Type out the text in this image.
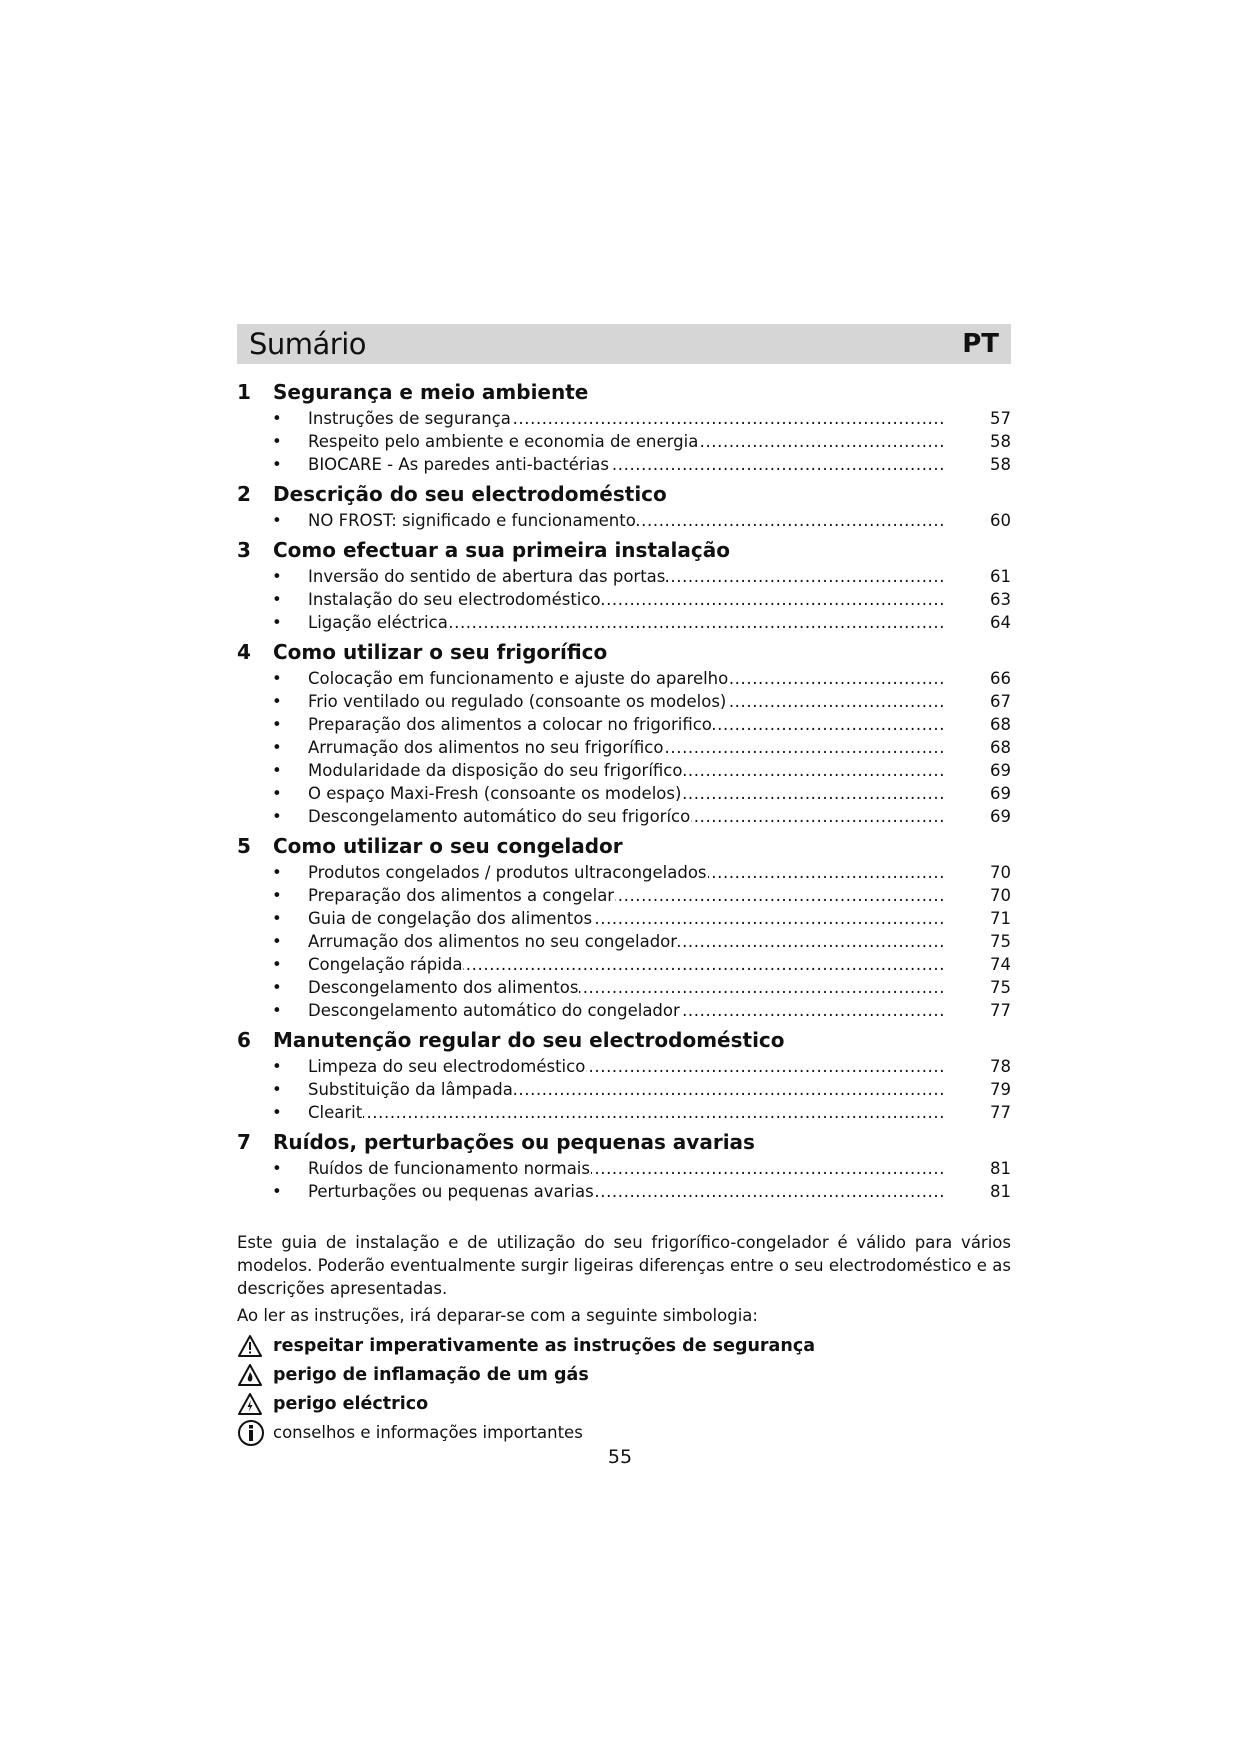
Sumário	PT
1	Segurança e meio ambiente
•	Instruções de segurança .....	57
•	Respeito pelo ambiente e economia de energia .....	58
•	BIOCARE - As paredes anti-bactérias .....	58
2	Descrição do seu electrodoméstico
•	NO FROST: significado e funcionamento .....	60
3	Como efectuar a sua primeira instalação
•	Inversão do sentido de abertura das portas .....	61
•	Instalação do seu electrodoméstico .....	63
•	Ligação eléctrica .....	64
4	Como utilizar o seu frigorífico
•	Colocação em funcionamento e ajuste do aparelho .....	66
•	Frio ventilado ou regulado (consoante os modelos) .....	67
•	Preparação dos alimentos a colocar no frigorifico .....	68
•	Arrumação dos alimentos no seu frigorífico .....	68
•	Modularidade da disposição do seu frigorífico .....	69
•	O espaço Maxi-Fresh (consoante os modelos) .....	69
•	Descongelamento automático do seu frigoríco .....	69
5	Como utilizar o seu congelador
•	Produtos congelados / produtos ultracongelados .....	70
•	Preparação dos alimentos a congelar .....	70
•	Guia de congelação dos alimentos .....	71
•	Arrumação dos alimentos no seu congelador .....	75
•	Congelação rápida .....	74
•	Descongelamento dos alimentos .....	75
•	Descongelamento automático do congelador .....	77
6	Manutenção regular do seu electrodoméstico
•	Limpeza do seu electrodoméstico .....	78
•	Substituição da lâmpada .....	79
•	Clearit .....	77
7	Ruídos, perturbações ou pequenas avarias
•	Ruídos de funcionamento normais .....	81
•	Perturbações ou pequenas avarias .....	81
Este guia de instalação e de utilização do seu frigorífico-congelador é válido para vários modelos. Poderão eventualmente surgir ligeiras diferenças entre o seu electrodoméstico e as descrições apresentadas.
Ao ler as instruções, irá deparar-se com a seguinte simbologia:
respeitar imperativamente as instruções de segurança
perigo de inflamação de um gás
perigo eléctrico
conselhos e informações importantes
55
